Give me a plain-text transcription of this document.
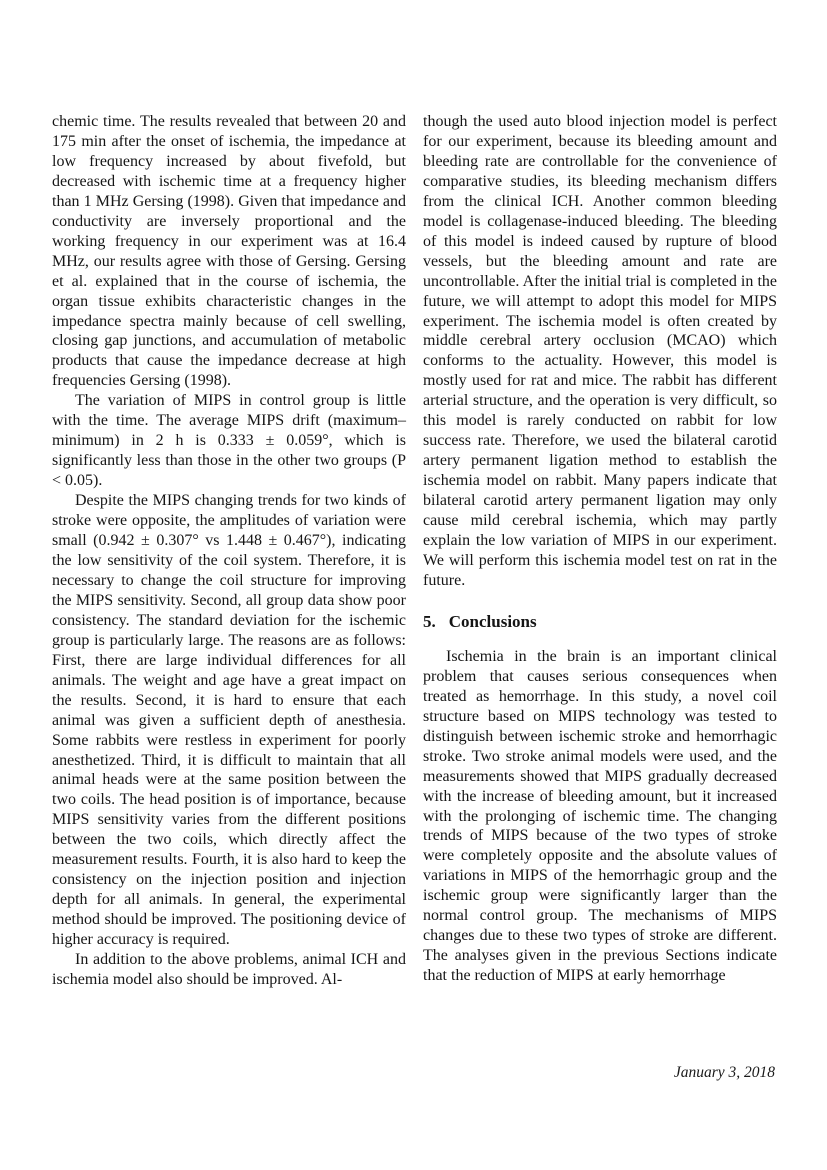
chemic time. The results revealed that between 20 and 175 min after the onset of ischemia, the impedance at low frequency increased by about fivefold, but decreased with ischemic time at a frequency higher than 1 MHz Gersing (1998). Given that impedance and conductivity are inversely proportional and the working frequency in our experiment was at 16.4 MHz, our results agree with those of Gersing. Gersing et al. explained that in the course of ischemia, the organ tissue exhibits characteristic changes in the impedance spectra mainly because of cell swelling, closing gap junctions, and accumulation of metabolic products that cause the impedance decrease at high frequencies Gersing (1998).

The variation of MIPS in control group is little with the time. The average MIPS drift (maximum– minimum) in 2 h is 0.333 ± 0.059°, which is significantly less than those in the other two groups (P < 0.05).

Despite the MIPS changing trends for two kinds of stroke were opposite, the amplitudes of variation were small (0.942 ± 0.307° vs 1.448 ± 0.467°), indicating the low sensitivity of the coil system. Therefore, it is necessary to change the coil structure for improving the MIPS sensitivity. Second, all group data show poor consistency. The standard deviation for the ischemic group is particularly large. The reasons are as follows: First, there are large individual differences for all animals. The weight and age have a great impact on the results. Second, it is hard to ensure that each animal was given a sufficient depth of anesthesia. Some rabbits were restless in experiment for poorly anesthetized. Third, it is difficult to maintain that all animal heads were at the same position between the two coils. The head position is of importance, because MIPS sensitivity varies from the different positions between the two coils, which directly affect the measurement results. Fourth, it is also hard to keep the consistency on the injection position and injection depth for all animals. In general, the experimental method should be improved. The positioning device of higher accuracy is required.

In addition to the above problems, animal ICH and ischemia model also should be improved. Al-

though the used auto blood injection model is perfect for our experiment, because its bleeding amount and bleeding rate are controllable for the convenience of comparative studies, its bleeding mechanism differs from the clinical ICH. Another common bleeding model is collagenase-induced bleeding. The bleeding of this model is indeed caused by rupture of blood vessels, but the bleeding amount and rate are uncontrollable. After the initial trial is completed in the future, we will attempt to adopt this model for MIPS experiment. The ischemia model is often created by middle cerebral artery occlusion (MCAO) which conforms to the actuality. However, this model is mostly used for rat and mice. The rabbit has different arterial structure, and the operation is very difficult, so this model is rarely conducted on rabbit for low success rate. Therefore, we used the bilateral carotid artery permanent ligation method to establish the ischemia model on rabbit. Many papers indicate that bilateral carotid artery permanent ligation may only cause mild cerebral ischemia, which may partly explain the low variation of MIPS in our experiment. We will perform this ischemia model test on rat in the future.

5. Conclusions

Ischemia in the brain is an important clinical problem that causes serious consequences when treated as hemorrhage. In this study, a novel coil structure based on MIPS technology was tested to distinguish between ischemic stroke and hemorrhagic stroke. Two stroke animal models were used, and the measurements showed that MIPS gradually decreased with the increase of bleeding amount, but it increased with the prolonging of ischemic time. The changing trends of MIPS because of the two types of stroke were completely opposite and the absolute values of variations in MIPS of the hemorrhagic group and the ischemic group were significantly larger than the normal control group. The mechanisms of MIPS changes due to these two types of stroke are different. The analyses given in the previous Sections indicate that the reduction of MIPS at early hemorrhage

January 3, 2018
